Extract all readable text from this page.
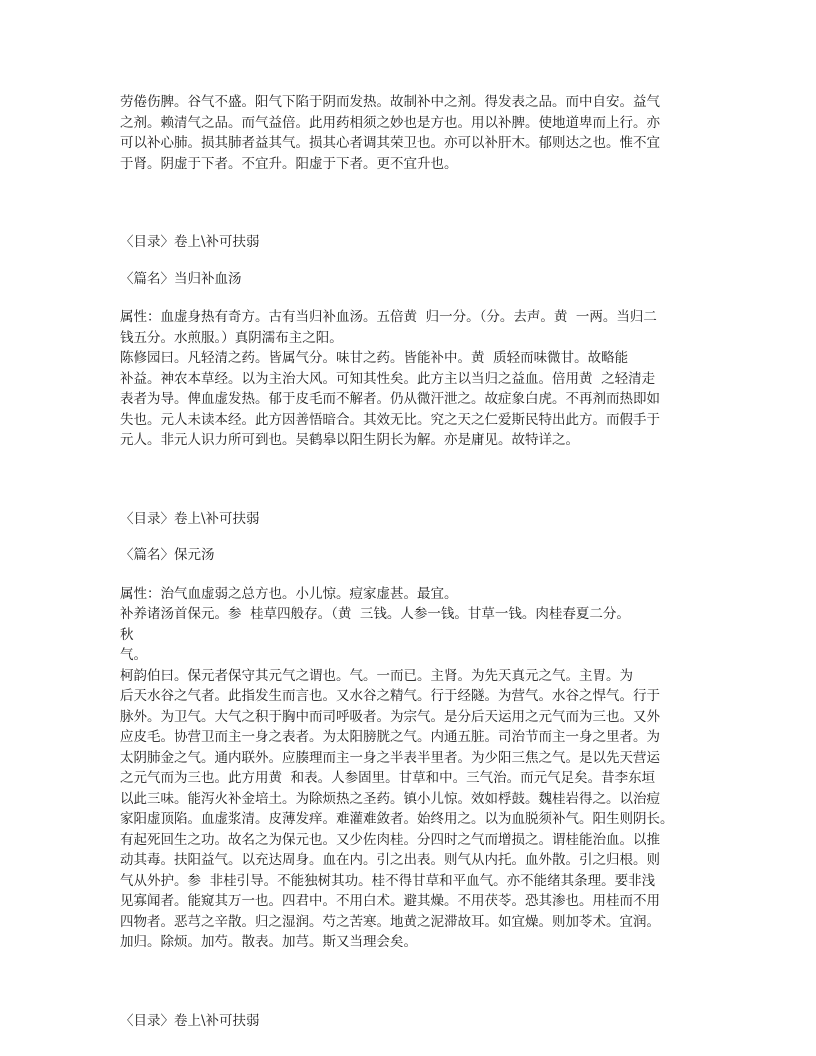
劳倦伤脾。谷气不盛。阳气下陷于阴而发热。故制补中之剂。得发表之品。而中自安。益气

之剂。赖清气之品。而气益倍。此用药相须之妙也是方也。用以补脾。使地道卑而上行。亦

可以补心肺。损其肺者益其气。损其心者调其荣卫也。亦可以补肝木。郁则达之也。惟不宜

于肾。阴虚于下者。不宜升。阳虚于下者。更不宜升也。

〈目录〉卷上\补可扶弱

〈篇名〉当归补血汤

属性：血虚身热有奇方。古有当归补血汤。五倍黄  归一分。（分。去声。黄  一两。当归二

钱五分。水煎服。）真阴濡布主之阳。

陈修园曰。凡轻清之药。皆属气分。味甘之药。皆能补中。黄  质轻而味微甘。故略能

补益。神农本草经。以为主治大风。可知其性矣。此方主以当归之益血。倍用黄  之轻清走

表者为导。俾血虚发热。郁于皮毛而不解者。仍从微汗泄之。故症象白虎。不再剂而热即如

失也。元人未读本经。此方因善悟暗合。其效无比。究之天之仁爱斯民特出此方。而假手于

元人。非元人识力所可到也。吴鹤皋以阳生阴长为解。亦是庸见。故特详之。

〈目录〉卷上\补可扶弱

〈篇名〉保元汤

属性：治气血虚弱之总方也。小儿惊。痘家虚甚。最宜。

补养诸汤首保元。参  桂草四般存。（黄  三钱。人参一钱。甘草一钱。肉桂春夏二分。

秋

气。

柯韵伯曰。保元者保守其元气之谓也。气。一而已。主肾。为先天真元之气。主胃。为

后天水谷之气者。此指发生而言也。又水谷之精气。行于经隧。为营气。水谷之悍气。行于

脉外。为卫气。大气之积于胸中而司呼吸者。为宗气。是分后天运用之元气而为三也。又外

应皮毛。协营卫而主一身之表者。为太阳膀胱之气。内通五脏。司治节而主一身之里者。为

太阴肺金之气。通内联外。应腠理而主一身之半表半里者。为少阳三焦之气。是以先天营运

之元气而为三也。此方用黄  和表。人参固里。甘草和中。三气治。而元气足矣。昔李东垣

以此三味。能泻火补金培土。为除烦热之圣药。镇小儿惊。效如桴鼓。魏桂岩得之。以治痘

家阳虚顶陷。血虚浆清。皮薄发痒。难灌难敛者。始终用之。以为血脱须补气。阳生则阴长。

有起死回生之功。故名之为保元也。又少佐肉桂。分四时之气而增损之。谓桂能治血。以推

动其毒。扶阳益气。以充达周身。血在内。引之出表。则气从内托。血外散。引之归根。则

气从外护。参  非桂引导。不能独树其功。桂不得甘草和平血气。亦不能绪其条理。要非浅

见寡闻者。能窥其万一也。四君中。不用白术。避其燥。不用茯苓。恐其渗也。用桂而不用

四物者。恶芎之辛散。归之湿润。芍之苦寒。地黄之泥滞故耳。如宜燥。则加苓术。宜润。

加归。除烦。加芍。散表。加芎。斯又当理会矣。

〈目录〉卷上\补可扶弱
